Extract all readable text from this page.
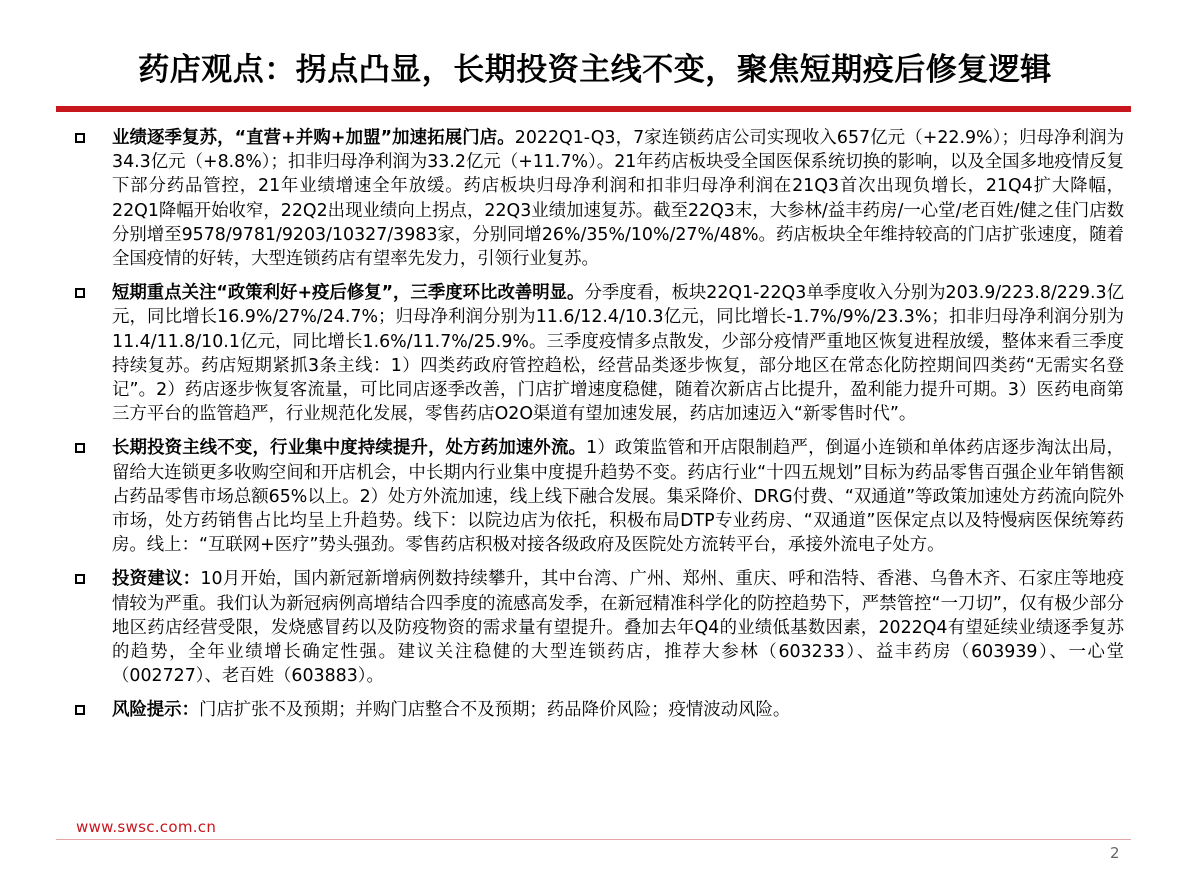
药店观点：拐点凸显，长期投资主线不变，聚焦短期疫后修复逻辑
业绩逐季复苏，“直营+并购+加盟”加速拓展门店。2022Q1-Q3，7家连锁药店公司实现收入657亿元（+22.9%）；归母净利润为34.3亿元（+8.8%）；扣非归母净利润为33.2亿元（+11.7%）。21年药店板块受全国医保系统切换的影响，以及全国多地疫情反复下部分药品管控，21年业绩增速全年放缓。药店板块归母净利润和扣非归母净利润在21Q3首次出现负增长，21Q4扩大降幅，22Q1降幅开始收窄，22Q2出现业绩向上拐点，22Q3业绩加速复苏。截至22Q3末，大参林/益丰药房/一心堂/老百姓/健之佳门店数分别增至9578/9781/9203/10327/3983家，分别同增26%/35%/10%/27%/48%。药店板块全年维持较高的门店扩张速度，随着全国疫情的好转，大型连锁药店有望率先发力，引领行业复苏。
短期重点关注“政策利好+疫后修复”，三季度环比改善明显。分季度看，板块22Q1-22Q3单季度收入分别为203.9/223.8/229.3亿元，同比增长16.9%/27%/24.7%；归母净利润分别为11.6/12.4/10.3亿元，同比增长-1.7%/9%/23.3%；扣非归母净利润分别为11.4/11.8/10.1亿元，同比增长1.6%/11.7%/25.9%。三季度疫情多点散发，少部分疫情严重地区恢复进程放缓，整体来看三季度持续复苏。药店短期紧抓3条主线：1）四类药政府管控趋松，经营品类逐步恢复，部分地区在常态化防控期间四类药“无需实名登记”。2）药店逐步恢复客流量，可比同店逐季改善，门店扩增速度稳健，随着次新店占比提升，盈利能力提升可期。3）医药电商第三方平台的监管趋严，行业规范化发展，零售药店O2O渠道有望加速发展，药店加速迈入“新零售时代”。
长期投资主线不变，行业集中度持续提升，处方药加速外流。1）政策监管和开店限制趋严，倒逼小连锁和单体药店逐步淘汰出局，留给大连锁更多收购空间和开店机会，中长期内行业集中度提升趋势不变。药店行业“十四五规划”目标为药品零售百强企业年销售额占药品零售市场总额65%以上。2）处方外流加速，线上线下融合发展。集采降价、DRG付费、“双通道”等政策加速处方药流向院外市场，处方药销售占比均呈上升趋势。线下：以院边店为依托，积极布局DTP专业药房、“双通道”医保定点以及特慢病医保统筹药房。线上：“互联网+医疗”势头强劲。零售药店积极对接各级政府及医院处方流转平台，承接外流电子处方。
投资建议：10月开始，国内新冠新增病例数持续攀升，其中台湾、广州、郑州、重庆、呼和浩特、香港、乌鲁木齐、石家庄等地疫情较为严重。我们认为新冠病例高增结合四季度的流感高发季，在新冠精准科学化的防控趋势下，严禁管控“一刀切”，仅有极少部分地区药店经营受限，发烧感冒药以及防疫物资的需求量有望提升。叠加去年Q4的业绩低基数因素，2022Q4有望延续业绩逐季复苏的趋势，全年业绩增长确定性强。建议关注稳健的大型连锁药店，推荐大参林（603233）、益丰药房（603939）、一心堂（002727）、老百姓（603883）。
风险提示：门店扩张不及预期；并购门店整合不及预期；药品降价风险；疫情波动风险。
www.swsc.com.cn
2
